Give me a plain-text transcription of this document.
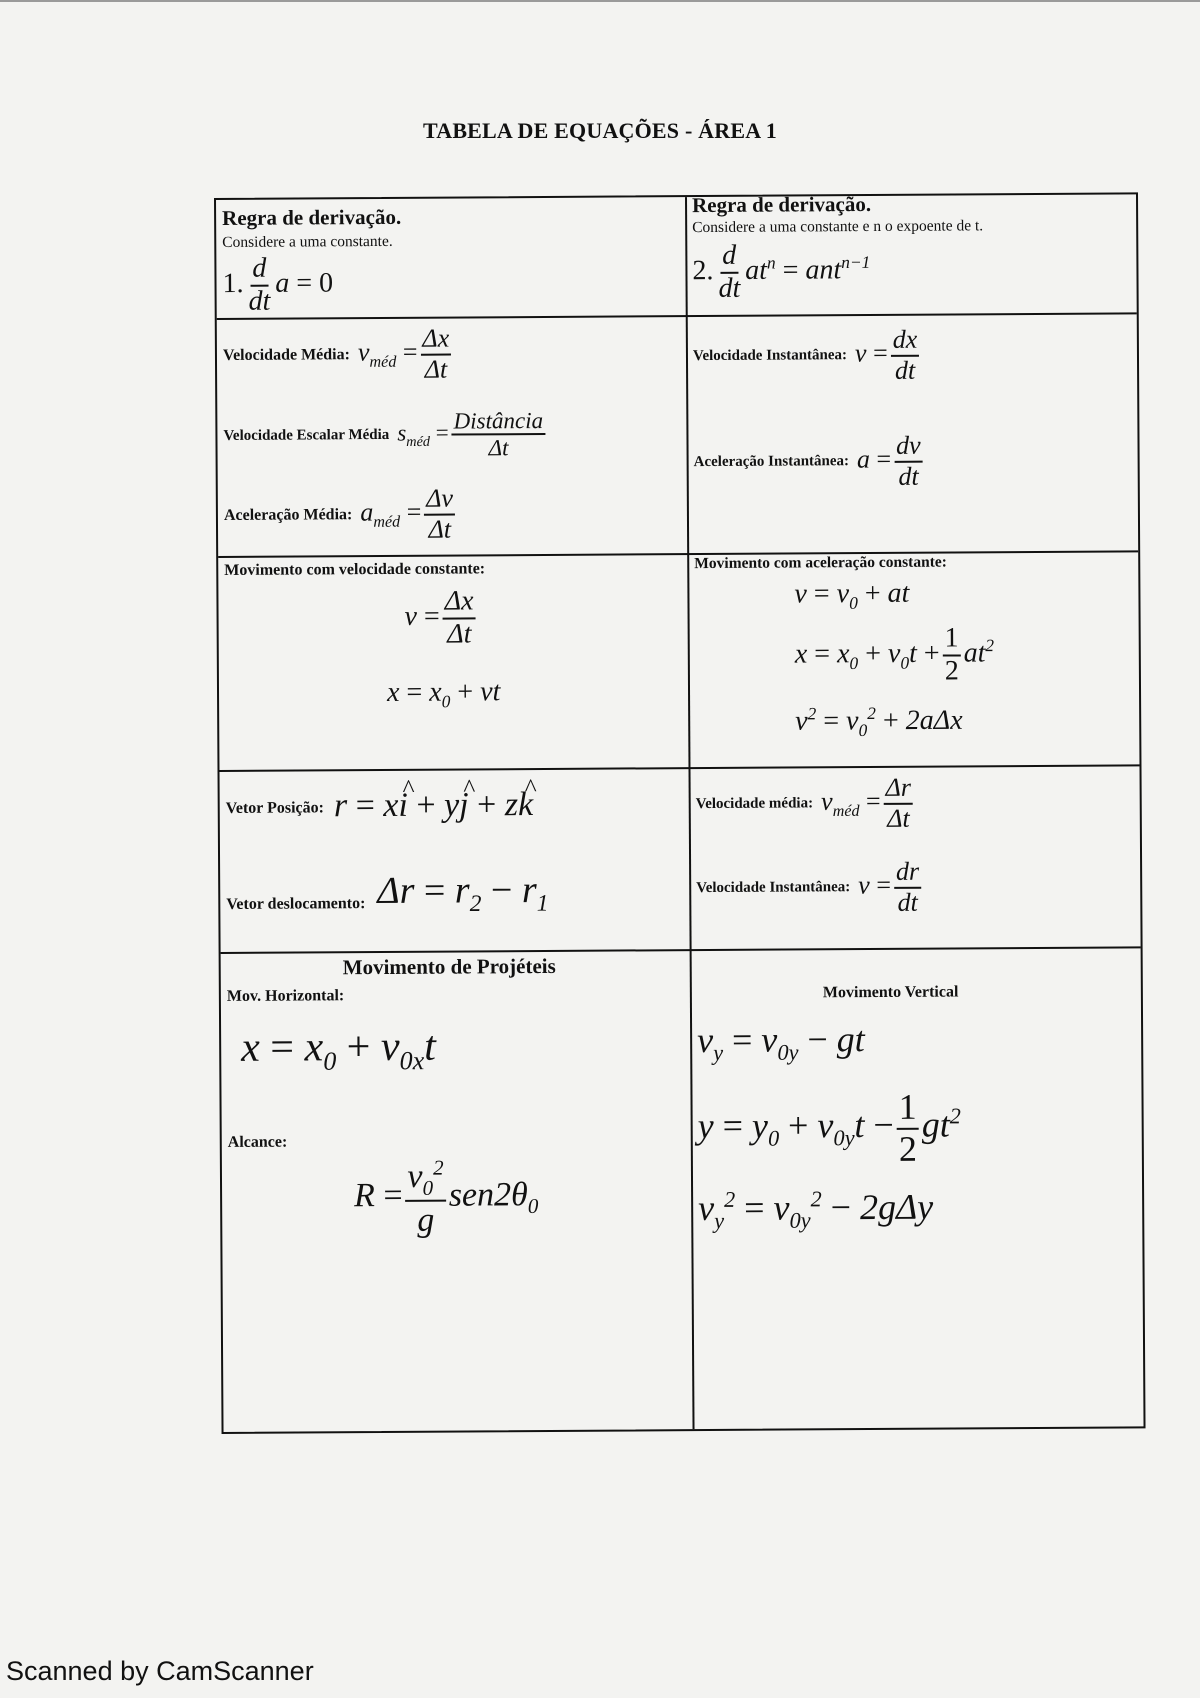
TABELA DE EQUAÇÕES - ÁREA 1
Regra de derivação.
Considere a uma constante.
1. $\frac{d}{dt}$ a = 0
Regra de derivação.
Considere a uma constante e n o expoente de t.
2. $\frac{d}{dt} at^n = ant^{n-1}$
Velocidade Média: $v_{méd} = \frac{\Delta x}{\Delta t}$
Velocidade Escalar Média $s_{méd} = \frac{\text{Distância}}{\Delta t}$
Aceleração Média: $a_{méd} = \frac{\Delta v}{\Delta t}$
Velocidade Instantânea: $v = \frac{dx}{dt}$
Aceleração Instantânea: $a = \frac{dv}{dt}$
Movimento com velocidade constante:
$v = \frac{\Delta x}{\Delta t}$
$x = x_0$ + vt
Movimento com aceleração constante:
$v = v_0$ + at
$x = x_0 + v_0t + \frac{1}{2} at^2$
$v^2 = v_0^2 + 2a\Delta x$
Vetor Posição: r = x^ i + y^ j + z^ k
Vetor deslocamento: $\Delta r = r_2 - r_1$
Velocidade média: $v_{méd} = \frac{\Delta r}{\Delta t}$
Velocidade Instantânea: $v = \frac{dr}{dt}$
Movimento de Projéteis
Mov. Horizontal:
$x = x_0 + v_{0x}t$
Alcance:
$R = \frac{v_0^2}{g} sen2\theta_0$
Movimento Vertical
$v_y = v_{0y}$ − gt
$y = y_0 + v_{0y}t - \frac{1}{2} gt^2$
$v_y^2 = v_{0y}^2 - 2g\Delta y$
Scanned by CamScanner
